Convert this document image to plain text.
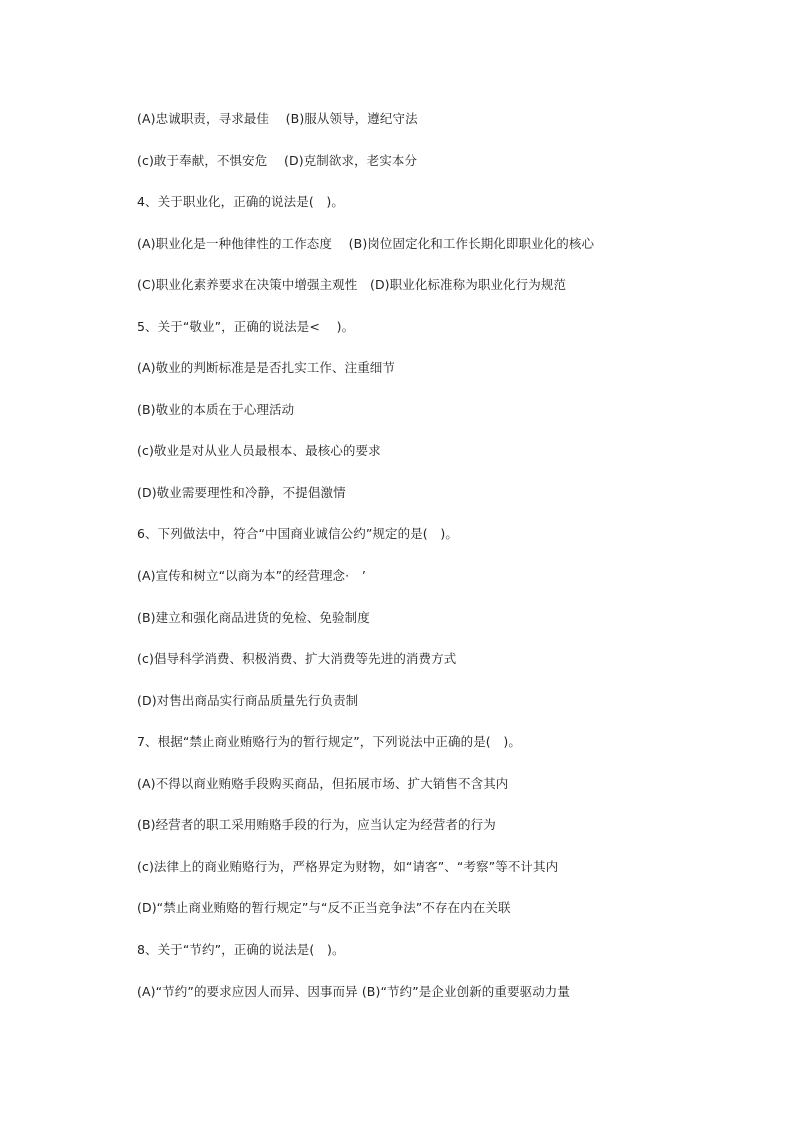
(A)忠诚职责，寻求最佳　 (B)服从领导，遵纪守法
(c)敢于奉献，不惧安危　 (D)克制欲求，老实本分
4、关于职业化，正确的说法是(　)。
(A)职业化是一种他律性的工作态度　 (B)岗位固定化和工作长期化即职业化的核心
(C)职业化素养要求在决策中增强主观性　(D)职业化标准称为职业化行为规范
5、关于“敬业”，正确的说法是<　 )。
(A)敬业的判断标准是是否扎实工作、注重细节
(B)敬业的本质在于心理活动
(c)敬业是对从业人员最根本、最核心的要求
(D)敬业需要理性和冷静，不提倡激情
6、下列做法中，符合“中国商业诚信公约”规定的是(　)。
(A)宣传和树立“以商为本”的经营理念·　’
(B)建立和强化商品进货的免检、免验制度
(c)倡导科学消费、积极消费、扩大消费等先进的消费方式
(D)对售出商品实行商品质量先行负责制
7、根据“禁止商业贿赂行为的暂行规定”，下列说法中正确的是(　)。
(A)不得以商业贿赂手段购买商品，但拓展市场、扩大销售不含其内
(B)经营者的职工采用贿赂手段的行为，应当认定为经营者的行为
(c)法律上的商业贿赂行为，严格界定为财物，如“请客”、“考察”等不计其内
(D)“禁止商业贿赂的暂行规定”与“反不正当竞争法”不存在内在关联
8、关于“节约”，正确的说法是(　)。
(A)“节约”的要求应因人而异、因事而异 (B)“节约”是企业创新的重要驱动力量
